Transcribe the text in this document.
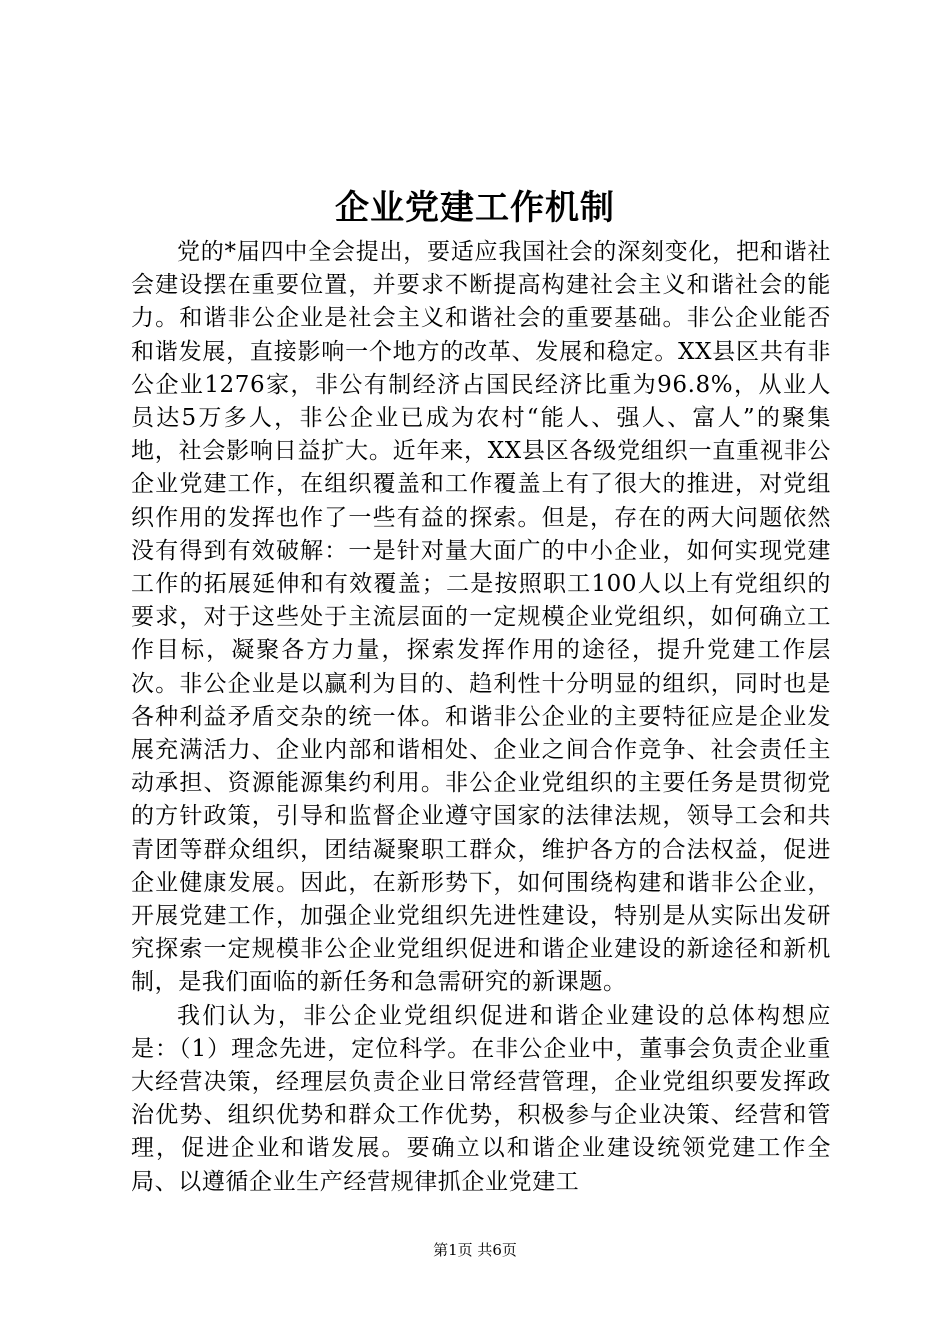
企业党建工作机制

党的*届四中全会提出，要适应我国社会的深刻变化，把和谐社会建设摆在重要位置，并要求不断提高构建社会主义和谐社会的能力。和谐非公企业是社会主义和谐社会的重要基础。非公企业能否和谐发展，直接影响一个地方的改革、发展和稳定。XX县区共有非公企业1276家，非公有制经济占国民经济比重为96.8%，从业人员达5万多人，非公企业已成为农村“能人、强人、富人”的聚集地，社会影响日益扩大。近年来，XX县区各级党组织一直重视非公企业党建工作，在组织覆盖和工作覆盖上有了很大的推进，对党组织作用的发挥也作了一些有益的探索。但是，存在的两大问题依然没有得到有效破解：一是针对量大面广的中小企业，如何实现党建工作的拓展延伸和有效覆盖；二是按照职工100人以上有党组织的要求，对于这些处于主流层面的一定规模企业党组织，如何确立工作目标，凝聚各方力量，探索发挥作用的途径，提升党建工作层次。非公企业是以赢利为目的、趋利性十分明显的组织，同时也是各种利益矛盾交杂的统一体。和谐非公企业的主要特征应是企业发展充满活力、企业内部和谐相处、企业之间合作竞争、社会责任主动承担、资源能源集约利用。非公企业党组织的主要任务是贯彻党的方针政策，引导和监督企业遵守国家的法律法规，领导工会和共青团等群众组织，团结凝聚职工群众，维护各方的合法权益，促进企业健康发展。因此，在新形势下，如何围绕构建和谐非公企业，开展党建工作，加强企业党组织先进性建设，特别是从实际出发研究探索一定规模非公企业党组织促进和谐企业建设的新途径和新机制，是我们面临的新任务和急需研究的新课题。

我们认为，非公企业党组织促进和谐企业建设的总体构想应是：（1）理念先进，定位科学。在非公企业中，董事会负责企业重大经营决策，经理层负责企业日常经营管理，企业党组织要发挥政治优势、组织优势和群众工作优势，积极参与企业决策、经营和管理，促进企业和谐发展。要确立以和谐企业建设统领党建工作全局、以遵循企业生产经营规律抓企业党建工

第1页 共6页
